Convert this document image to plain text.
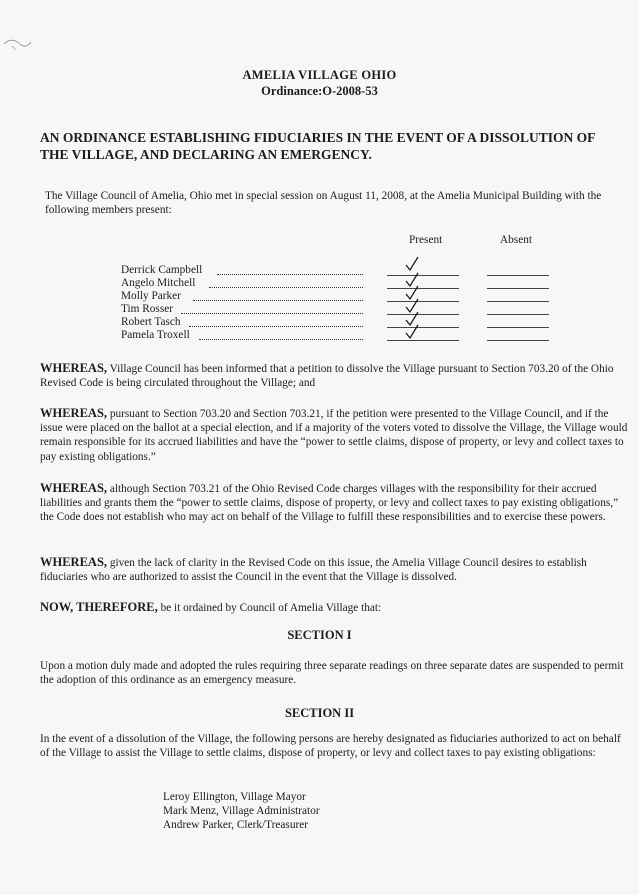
AMELIA VILLAGE OHIO
Ordinance:O-2008-53

AN ORDINANCE ESTABLISHING FIDUCIARIES IN THE EVENT OF A DISSOLUTION OF THE VILLAGE, AND DECLARING AN EMERGENCY.

The Village Council of Amelia, Ohio met in special session on August 11, 2008, at the Amelia Municipal Building with the following members present:

Present	Absent
Derrick Campbell
Angelo Mitchell
Molly Parker
Tim Rosser
Robert Tasch
Pamela Troxell

WHEREAS, Village Council has been informed that a petition to dissolve the Village pursuant to Section 703.20 of the Ohio Revised Code is being circulated throughout the Village; and

WHEREAS, pursuant to Section 703.20 and Section 703.21, if the petition were presented to the Village Council, and if the issue were placed on the ballot at a special election, and if a majority of the voters voted to dissolve the Village, the Village would remain responsible for its accrued liabilities and have the “power to settle claims, dispose of property, or levy and collect taxes to pay existing obligations.”

WHEREAS, although Section 703.21 of the Ohio Revised Code charges villages with the responsibility for their accrued liabilities and grants them the “power to settle claims, dispose of property, or levy and collect taxes to pay existing obligations,” the Code does not establish who may act on behalf of the Village to fulfill these responsibilities and to exercise these powers.

WHEREAS, given the lack of clarity in the Revised Code on this issue, the Amelia Village Council desires to establish fiduciaries who are authorized to assist the Council in the event that the Village is dissolved.

NOW, THEREFORE, be it ordained by Council of Amelia Village that:

SECTION I

Upon a motion duly made and adopted the rules requiring three separate readings on three separate dates are suspended to permit the adoption of this ordinance as an emergency measure.

SECTION II

In the event of a dissolution of the Village, the following persons are hereby designated as fiduciaries authorized to act on behalf of the Village to assist the Village to settle claims, dispose of property, or levy and collect taxes to pay existing obligations:

Leroy Ellington, Village Mayor
Mark Menz, Village Administrator
Andrew Parker, Clerk/Treasurer
